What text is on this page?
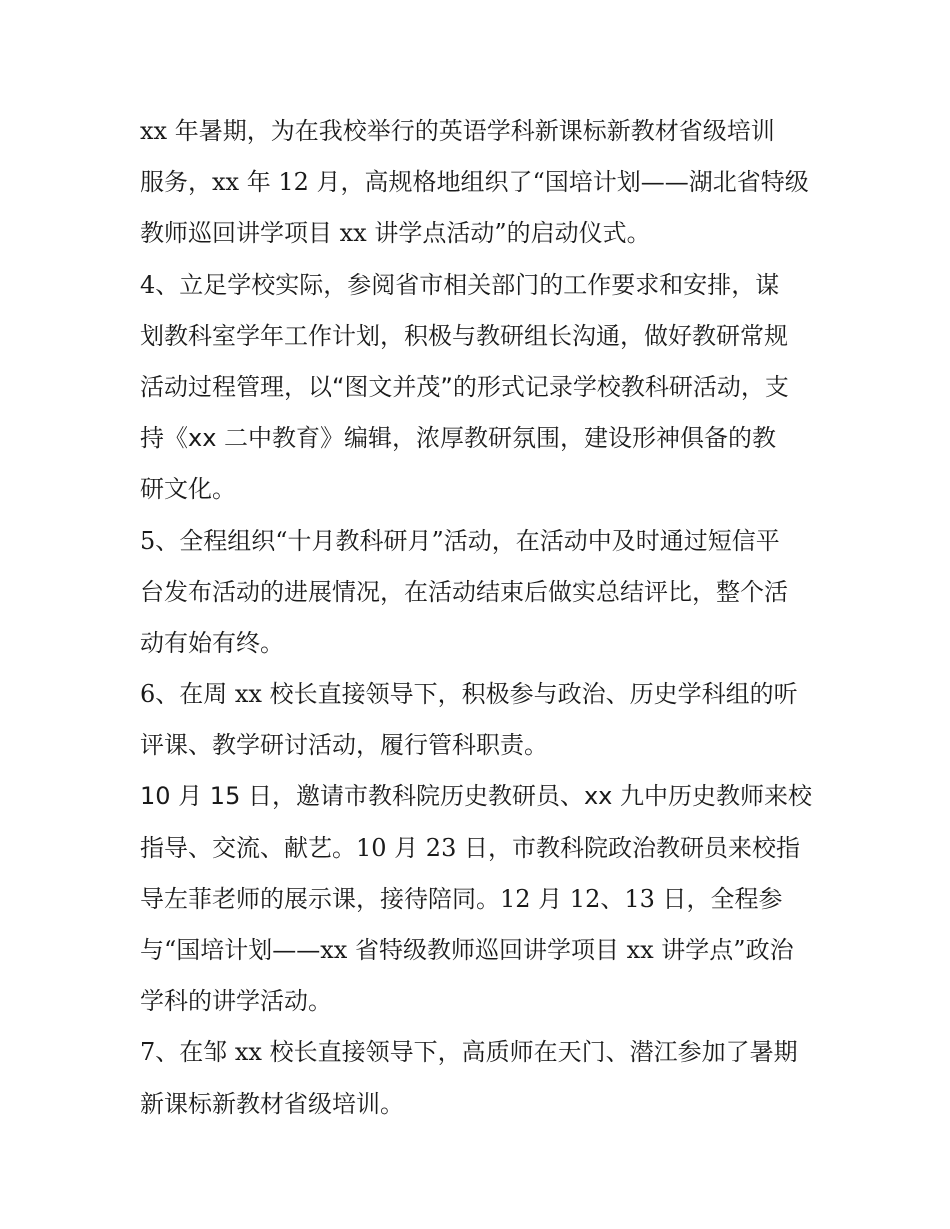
xx 年暑期，为在我校举行的英语学科新课标新教材省级培训
服务，xx 年 12 月，高规格地组织了“国培计划——湖北省特级
教师巡回讲学项目 xx 讲学点活动”的启动仪式。
4、立足学校实际，参阅省市相关部门的工作要求和安排，谋
划教科室学年工作计划，积极与教研组长沟通，做好教研常规
活动过程管理，以“图文并茂”的形式记录学校教科研活动，支
持《xx 二中教育》编辑，浓厚教研氛围，建设形神俱备的教
研文化。
5、全程组织“十月教科研月”活动，在活动中及时通过短信平
台发布活动的进展情况，在活动结束后做实总结评比，整个活
动有始有终。
6、在周 xx 校长直接领导下，积极参与政治、历史学科组的听
评课、教学研讨活动，履行管科职责。
10 月 15 日，邀请市教科院历史教研员、xx 九中历史教师来校
指导、交流、献艺。10 月 23 日，市教科院政治教研员来校指
导左菲老师的展示课，接待陪同。12 月 12、13 日，全程参
与“国培计划——xx 省特级教师巡回讲学项目 xx 讲学点”政治
学科的讲学活动。
7、在邹 xx 校长直接领导下，高质师在天门、潜江参加了暑期
新课标新教材省级培训。
